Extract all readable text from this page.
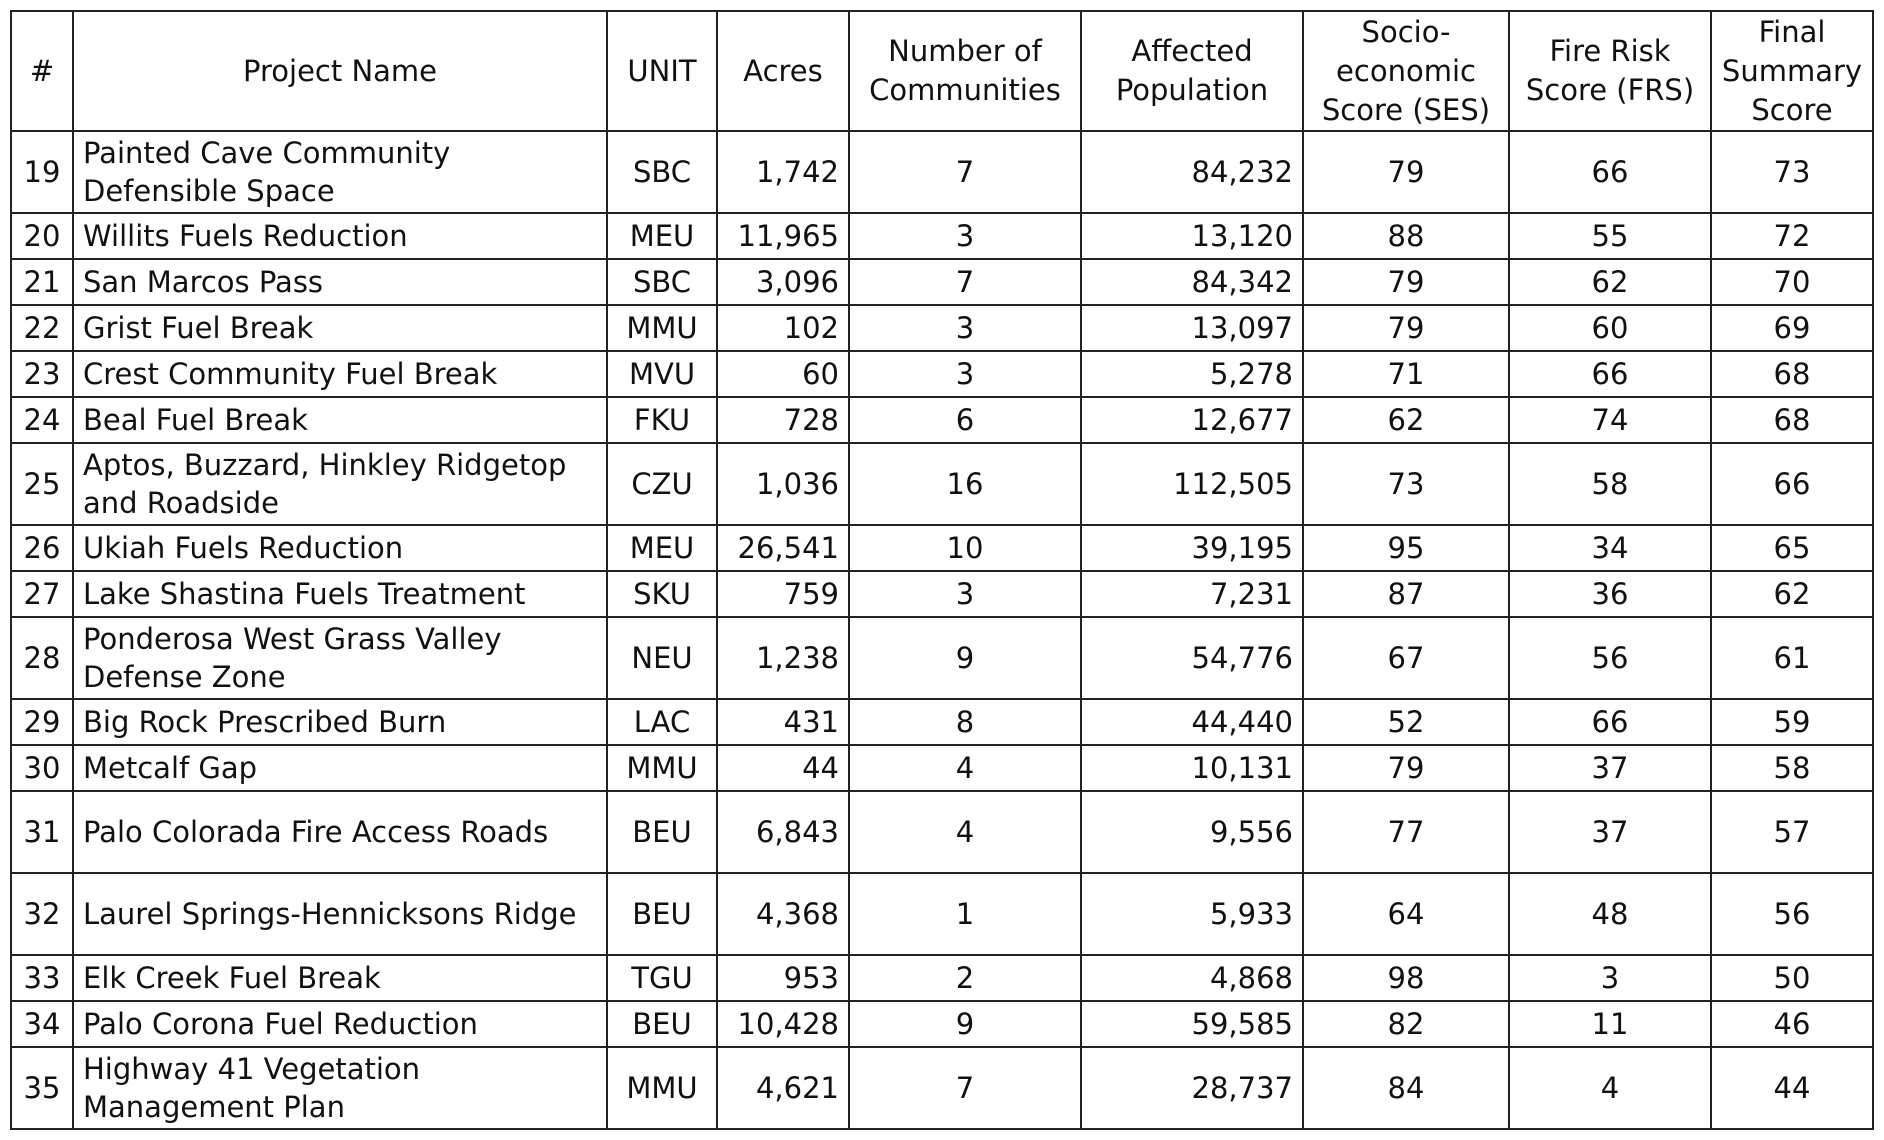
#	Project Name	UNIT	Acres	Number of Communities	Affected Population	Socio-economic Score (SES)	Fire Risk Score (FRS)	Final Summary Score
19	Painted Cave Community Defensible Space	SBC	1,742	7	84,232	79	66	73
20	Willits Fuels Reduction	MEU	11,965	3	13,120	88	55	72
21	San Marcos Pass	SBC	3,096	7	84,342	79	62	70
22	Grist Fuel Break	MMU	102	3	13,097	79	60	69
23	Crest Community Fuel Break	MVU	60	3	5,278	71	66	68
24	Beal Fuel Break	FKU	728	6	12,677	62	74	68
25	Aptos, Buzzard, Hinkley Ridgetop and Roadside	CZU	1,036	16	112,505	73	58	66
26	Ukiah Fuels Reduction	MEU	26,541	10	39,195	95	34	65
27	Lake Shastina Fuels Treatment	SKU	759	3	7,231	87	36	62
28	Ponderosa West Grass Valley Defense Zone	NEU	1,238	9	54,776	67	56	61
29	Big Rock Prescribed Burn	LAC	431	8	44,440	52	66	59
30	Metcalf Gap	MMU	44	4	10,131	79	37	58
31	Palo Colorada Fire Access Roads	BEU	6,843	4	9,556	77	37	57
32	Laurel Springs-Hennicksons Ridge	BEU	4,368	1	5,933	64	48	56
33	Elk Creek Fuel Break	TGU	953	2	4,868	98	3	50
34	Palo Corona Fuel Reduction	BEU	10,428	9	59,585	82	11	46
35	Highway 41 Vegetation Management Plan	MMU	4,621	7	28,737	84	4	44
